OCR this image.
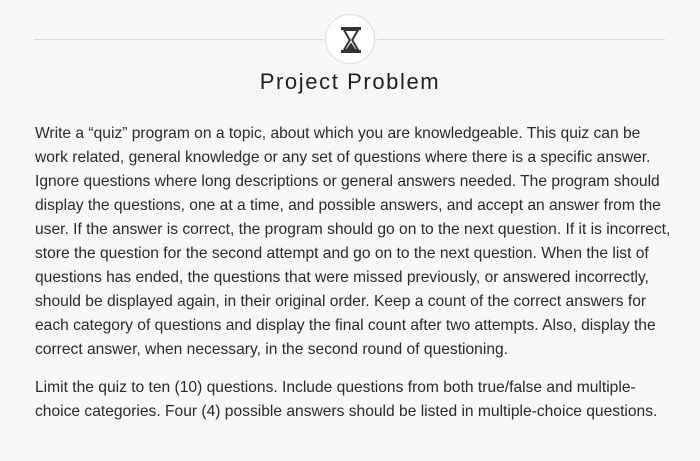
Project Problem

Write a “quiz” program on a topic, about which you are knowledgeable. This quiz can be work related, general knowledge or any set of questions where there is a specific answer. Ignore questions where long descriptions or general answers needed. The program should display the questions, one at a time, and possible answers, and accept an answer from the user. If the answer is correct, the program should go on to the next question. If it is incorrect, store the question for the second attempt and go on to the next question. When the list of questions has ended, the questions that were missed previously, or answered incorrectly, should be displayed again, in their original order. Keep a count of the correct answers for each category of questions and display the final count after two attempts. Also, display the correct answer, when necessary, in the second round of questioning.

Limit the quiz to ten (10) questions. Include questions from both true/false and multiple-choice categories. Four (4) possible answers should be listed in multiple-choice questions.
